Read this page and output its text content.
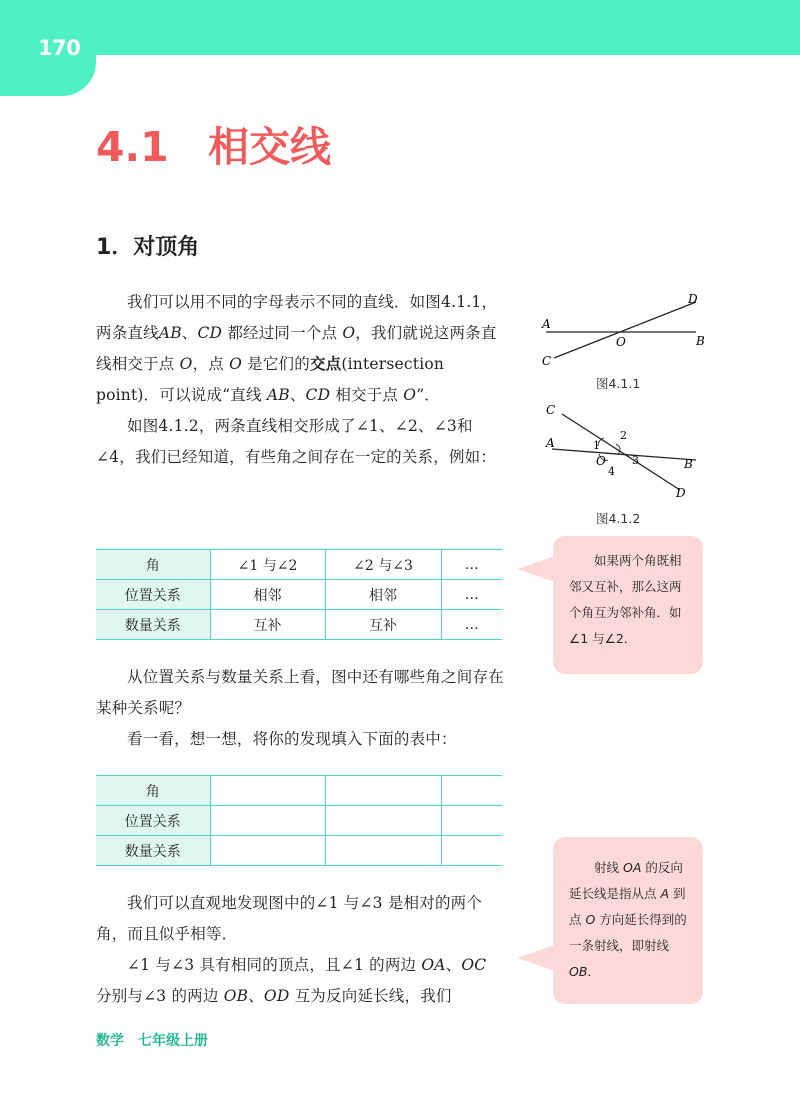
170
4.1 相交线
1．对顶角

我们可以用不同的字母表示不同的直线．如图4.1.1，两条直线AB、CD 都经过同一个点 O，我们就说这两条直线相交于点 O，点 O 是它们的交点(intersection point)．可以说成“直线 AB、CD 相交于点 O”．

如图4.1.2，两条直线相交形成了∠1、∠2、∠3和∠4，我们已经知道，有些角之间存在一定的关系，例如：

角	∠1 与∠2	∠2 与∠3	…
位置关系	相邻	相邻	…
数量关系	互补	互补	…

从位置关系与数量关系上看，图中还有哪些角之间存在某种关系呢？

看一看，想一想，将你的发现填入下面的表中：

角			
位置关系			
数量关系			

我们可以直观地发现图中的∠1 与∠3 是相对的两个角，而且似乎相等．

∠1 与∠3 具有相同的顶点，且∠1 的两边 OA、OC 分别与∠3 的两边 OB、OD 互为反向延长线，我们

A
B
C
D
O
图4.1.1
A
B
C
D
O
1
2
3
4
图4.1.2

如果两个角既相邻又互补，那么这两个角互为邻补角．如∠1 与∠2．

射线 OA 的反向延长线是指从点 A 到点 O 方向延长得到的一条射线，即射线 OB．

数学　七年级上册
